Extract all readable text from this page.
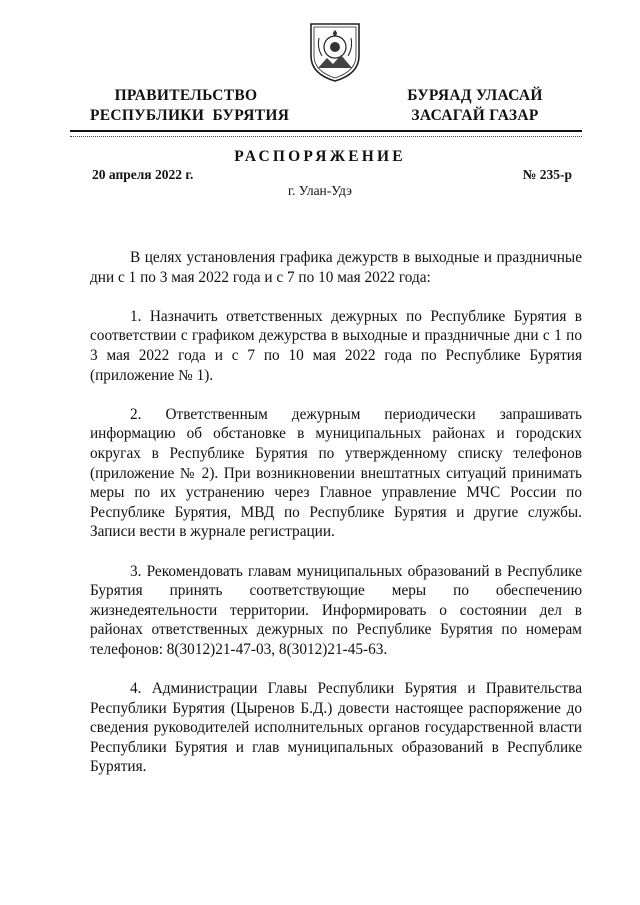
ПРАВИТЕЛЬСТВО
РЕСПУБЛИКИ  БУРЯТИЯ
БУРЯАД УЛАСАЙ
ЗАСАГАЙ ГАЗАР
РАСПОРЯЖЕНИЕ
20 апреля 2022 г.	№ 235-р
г. Улан-Удэ

В целях установления графика дежурств в выходные и праздничные дни с 1 по 3 мая 2022 года и с 7 по 10 мая 2022 года:

1. Назначить ответственных дежурных по Республике Бурятия в соответствии с графиком дежурства в выходные и праздничные дни с 1 по 3 мая 2022 года и с 7 по 10 мая 2022 года по Республике Бурятия (приложение № 1).

2. Ответственным дежурным периодически запрашивать информацию об обстановке в муниципальных районах и городских округах в Республике Бурятия по утвержденному списку телефонов (приложение № 2). При возникновении внештатных ситуаций принимать меры по их устранению через Главное управление МЧС России по Республике Бурятия, МВД по Республике Бурятия и другие службы. Записи вести в журнале регистрации.

3. Рекомендовать главам муниципальных образований в Республике Бурятия принять соответствующие меры по обеспечению жизнедеятельности территории. Информировать о состоянии дел в районах ответственных дежурных по Республике Бурятия по номерам телефонов: 8(3012)21-47-03, 8(3012)21-45-63.

4. Администрации Главы Республики Бурятия и Правительства Республики Бурятия (Цыренов Б.Д.) довести настоящее распоряжение до сведения руководителей исполнительных органов государственной власти Республики Бурятия и глав муниципальных образований в Республике Бурятия.
